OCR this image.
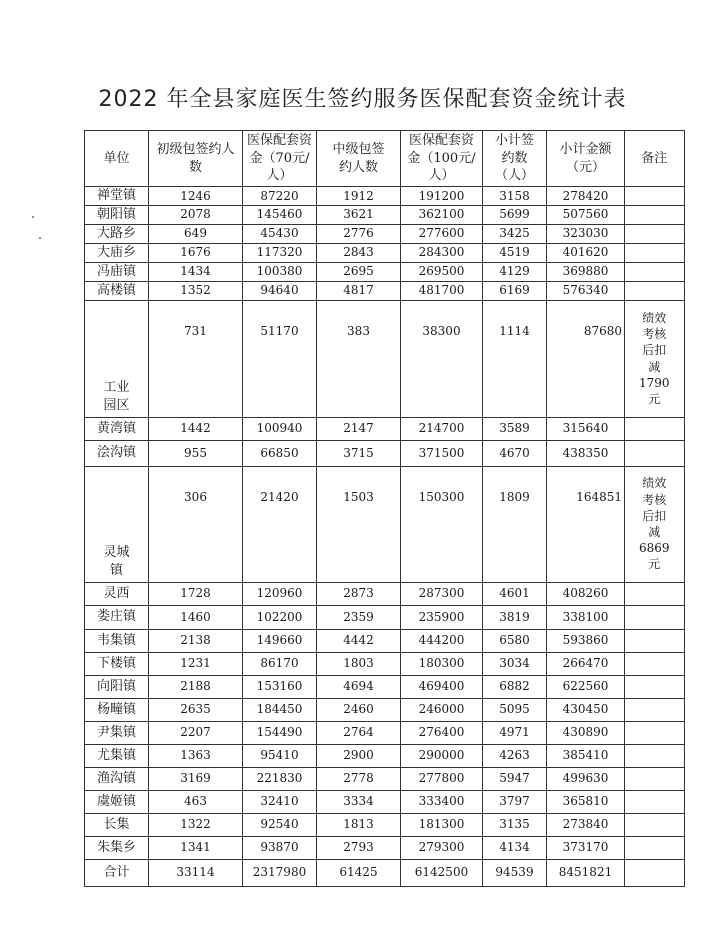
2022 年全县家庭医生签约服务医保配套资金统计表
单位	初级包签约人数	医保配套资金（70元/人）	中级包签约人数	医保配套资金（100元/人）	小计签约数（人）	小计金额（元）	备注
禅堂镇	1246	87220	1912	191200	3158	278420	
朝阳镇	2078	145460	3621	362100	5699	507560	
大路乡	649	45430	2776	277600	3425	323030	
大庙乡	1676	117320	2843	284300	4519	401620	
冯庙镇	1434	100380	2695	269500	4129	369880	
高楼镇	1352	94640	4817	481700	6169	576340	
工业园区	731	51170	383	38300	1114	87680	绩效考核后扣减1790元
黄湾镇	1442	100940	2147	214700	3589	315640	
浍沟镇	955	66850	3715	371500	4670	438350	
灵城镇	306	21420	1503	150300	1809	164851	绩效考核后扣减6869元
灵西	1728	120960	2873	287300	4601	408260	
娄庄镇	1460	102200	2359	235900	3819	338100	
韦集镇	2138	149660	4442	444200	6580	593860	
下楼镇	1231	86170	1803	180300	3034	266470	
向阳镇	2188	153160	4694	469400	6882	622560	
杨疃镇	2635	184450	2460	246000	5095	430450	
尹集镇	2207	154490	2764	276400	4971	430890	
尤集镇	1363	95410	2900	290000	4263	385410	
渔沟镇	3169	221830	2778	277800	5947	499630	
虞姬镇	463	32410	3334	333400	3797	365810	
长集	1322	92540	1813	181300	3135	273840	
朱集乡	1341	93870	2793	279300	4134	373170	
合计	33114	2317980	61425	6142500	94539	8451821	
